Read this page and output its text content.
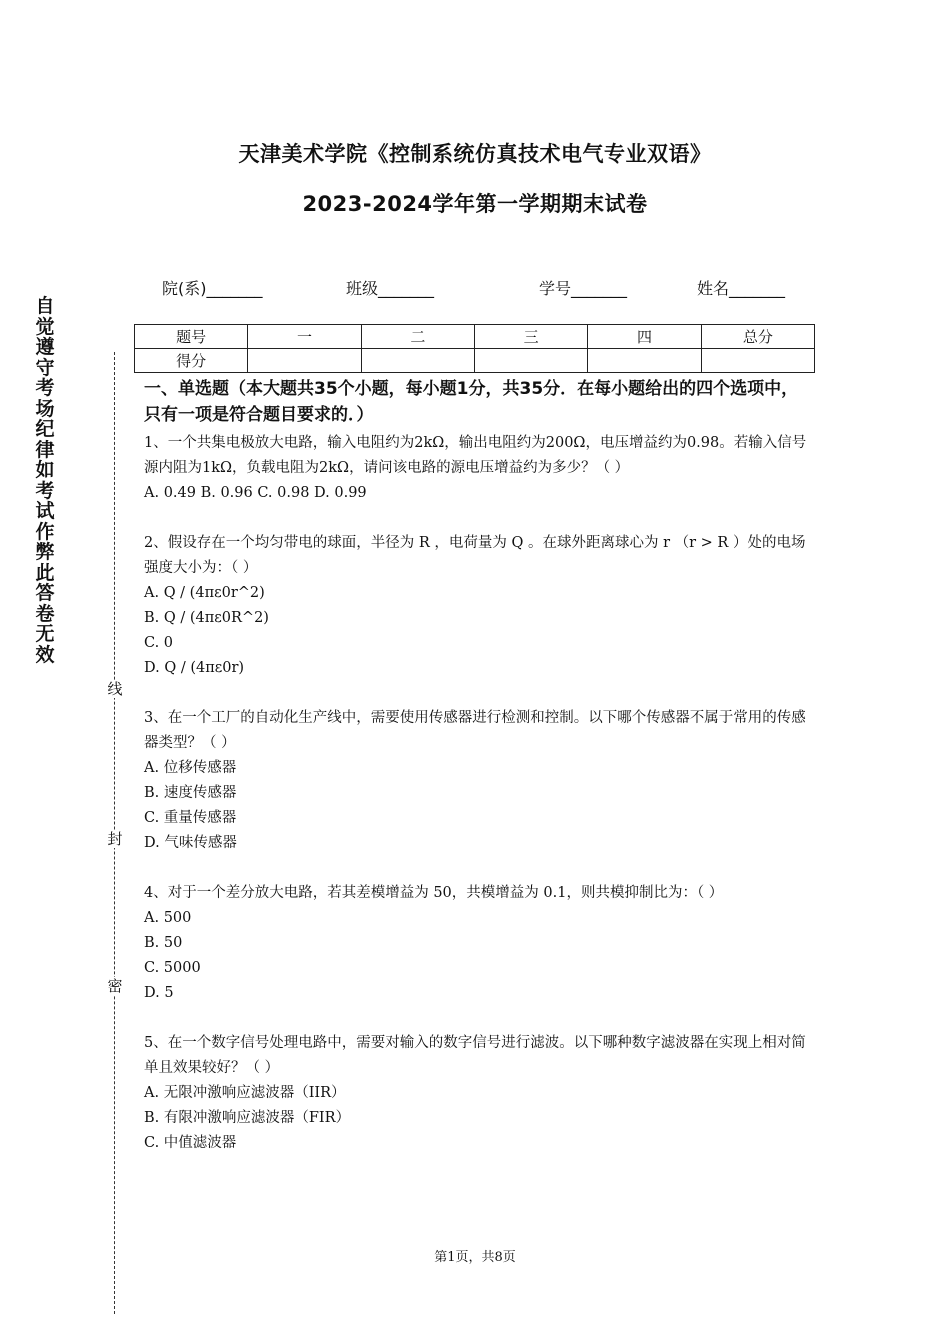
天津美术学院《控制系统仿真技术电气专业双语》
2023-2024学年第一学期期末试卷
自觉遵守考场纪律如考试作弊此答卷无效
线
封
密
院(系)_______	班级_______	学号_______	姓名_______
题号	一	二	三	四	总分
得分					
一、单选题（本大题共35个小题，每小题1分，共35分．在每小题给出的四个选项中，只有一项是符合题目要求的．）

1、一个共集电极放大电路，输入电阻约为2kΩ，输出电阻约为200Ω，电压增益约为0.98。若输入信号源内阻为1kΩ，负载电阻为2kΩ，请问该电路的源电压增益约为多少？（ ）

A. 0.49 B. 0.96 C. 0.98 D. 0.99

2、假设存在一个均匀带电的球面，半径为 R ，电荷量为 Q 。在球外距离球心为 r （r > R ）处的电场强度大小为：（ ）

A. Q / (4πε0r^2)

B. Q / (4πε0R^2)

C. 0

D. Q / (4πε0r)

3、在一个工厂的自动化生产线中，需要使用传感器进行检测和控制。以下哪个传感器不属于常用的传感器类型？（ ）

A. 位移传感器

B. 速度传感器

C. 重量传感器

D. 气味传感器

4、对于一个差分放大电路，若其差模增益为 50，共模增益为 0.1，则共模抑制比为：（ ）

A. 500

B. 50

C. 5000

D. 5

5、在一个数字信号处理电路中，需要对输入的数字信号进行滤波。以下哪种数字滤波器在实现上相对简单且效果较好？（ ）

A. 无限冲激响应滤波器（IIR）

B. 有限冲激响应滤波器（FIR）

C. 中值滤波器

第1页，共8页
